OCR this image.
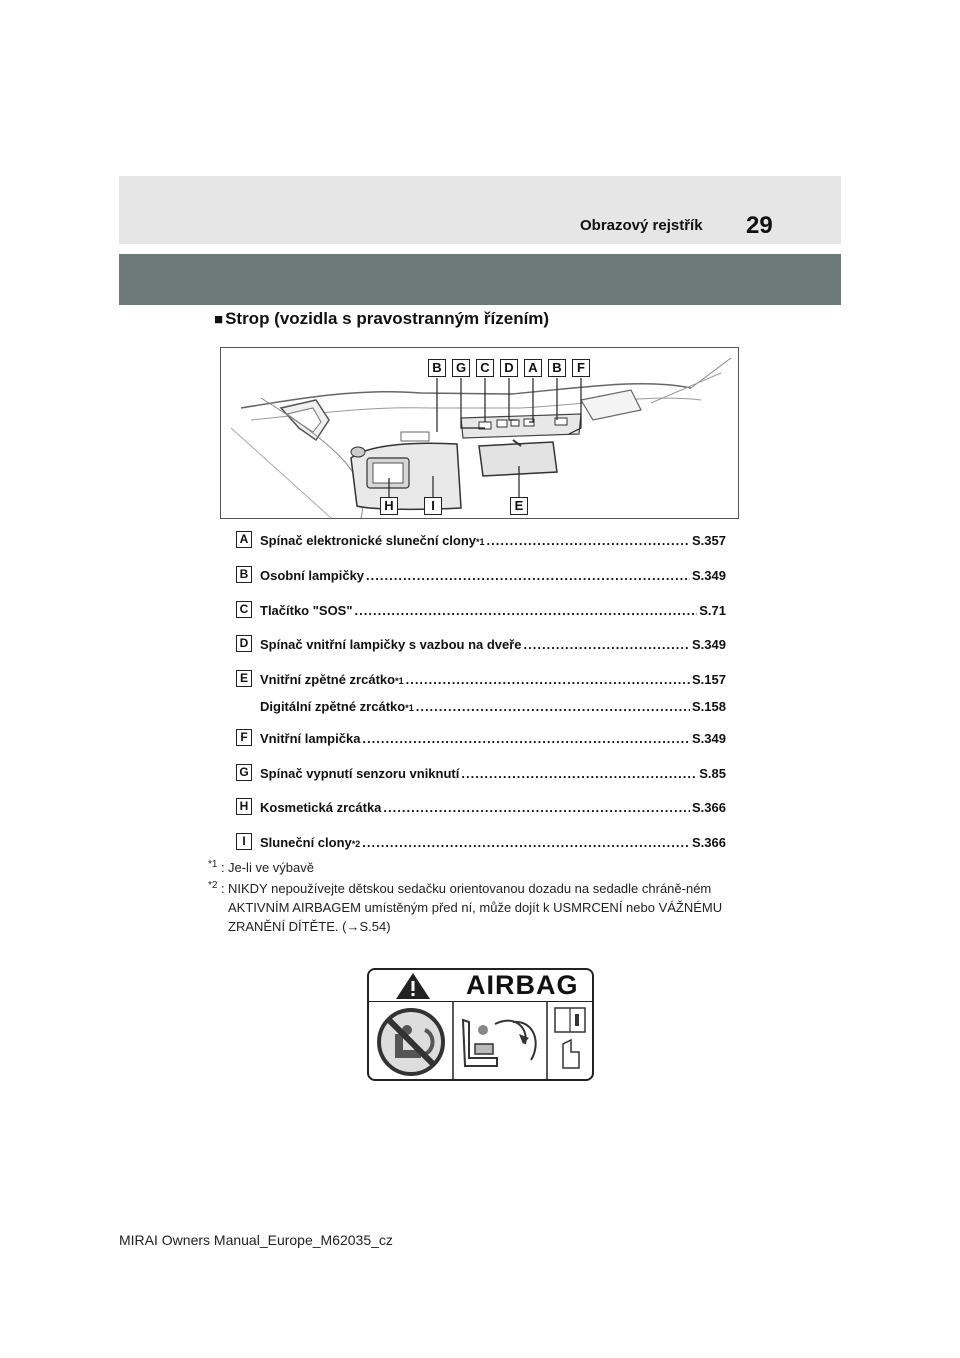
Obrazový rejstřík 29
■ Strop (vozidla s pravostranným řízením)
B	G	C	D	A	B	F
H	I	E
A Spínač elektronické sluneční clony *1 .....	S.357
B Osobní lampičky .....	S.349
C Tlačítko "SOS" .....	S.71
D Spínač vnitřní lampičky s vazbou na dveře .....	S.349
E Vnitřní zpětné zrcátko *1 .....	S.157
Digitální zpětné zrcátko *1 .....	S.158
F Vnitřní lampička .....	S.349
G Spínač vypnutí senzoru vniknutí .....	S.85
H Kosmetická zrcátka .....	S.366
I	Sluneční clony *2 .....	S.366
*1 : Je-li ve výbavě
*2 : NIKDY nepoužívejte dětskou sedačku orientovanou dozadu na sedadle chráně-ném AKTIVNÍM AIRBAGEM umístěným před ní, může dojít k USMRCENÍ nebo VÁŽNÉMU ZRANĚNÍ DÍTĚTE. (→S.54)
AIRBAG
MIRAI Owners Manual_Europe_M62035_cz
